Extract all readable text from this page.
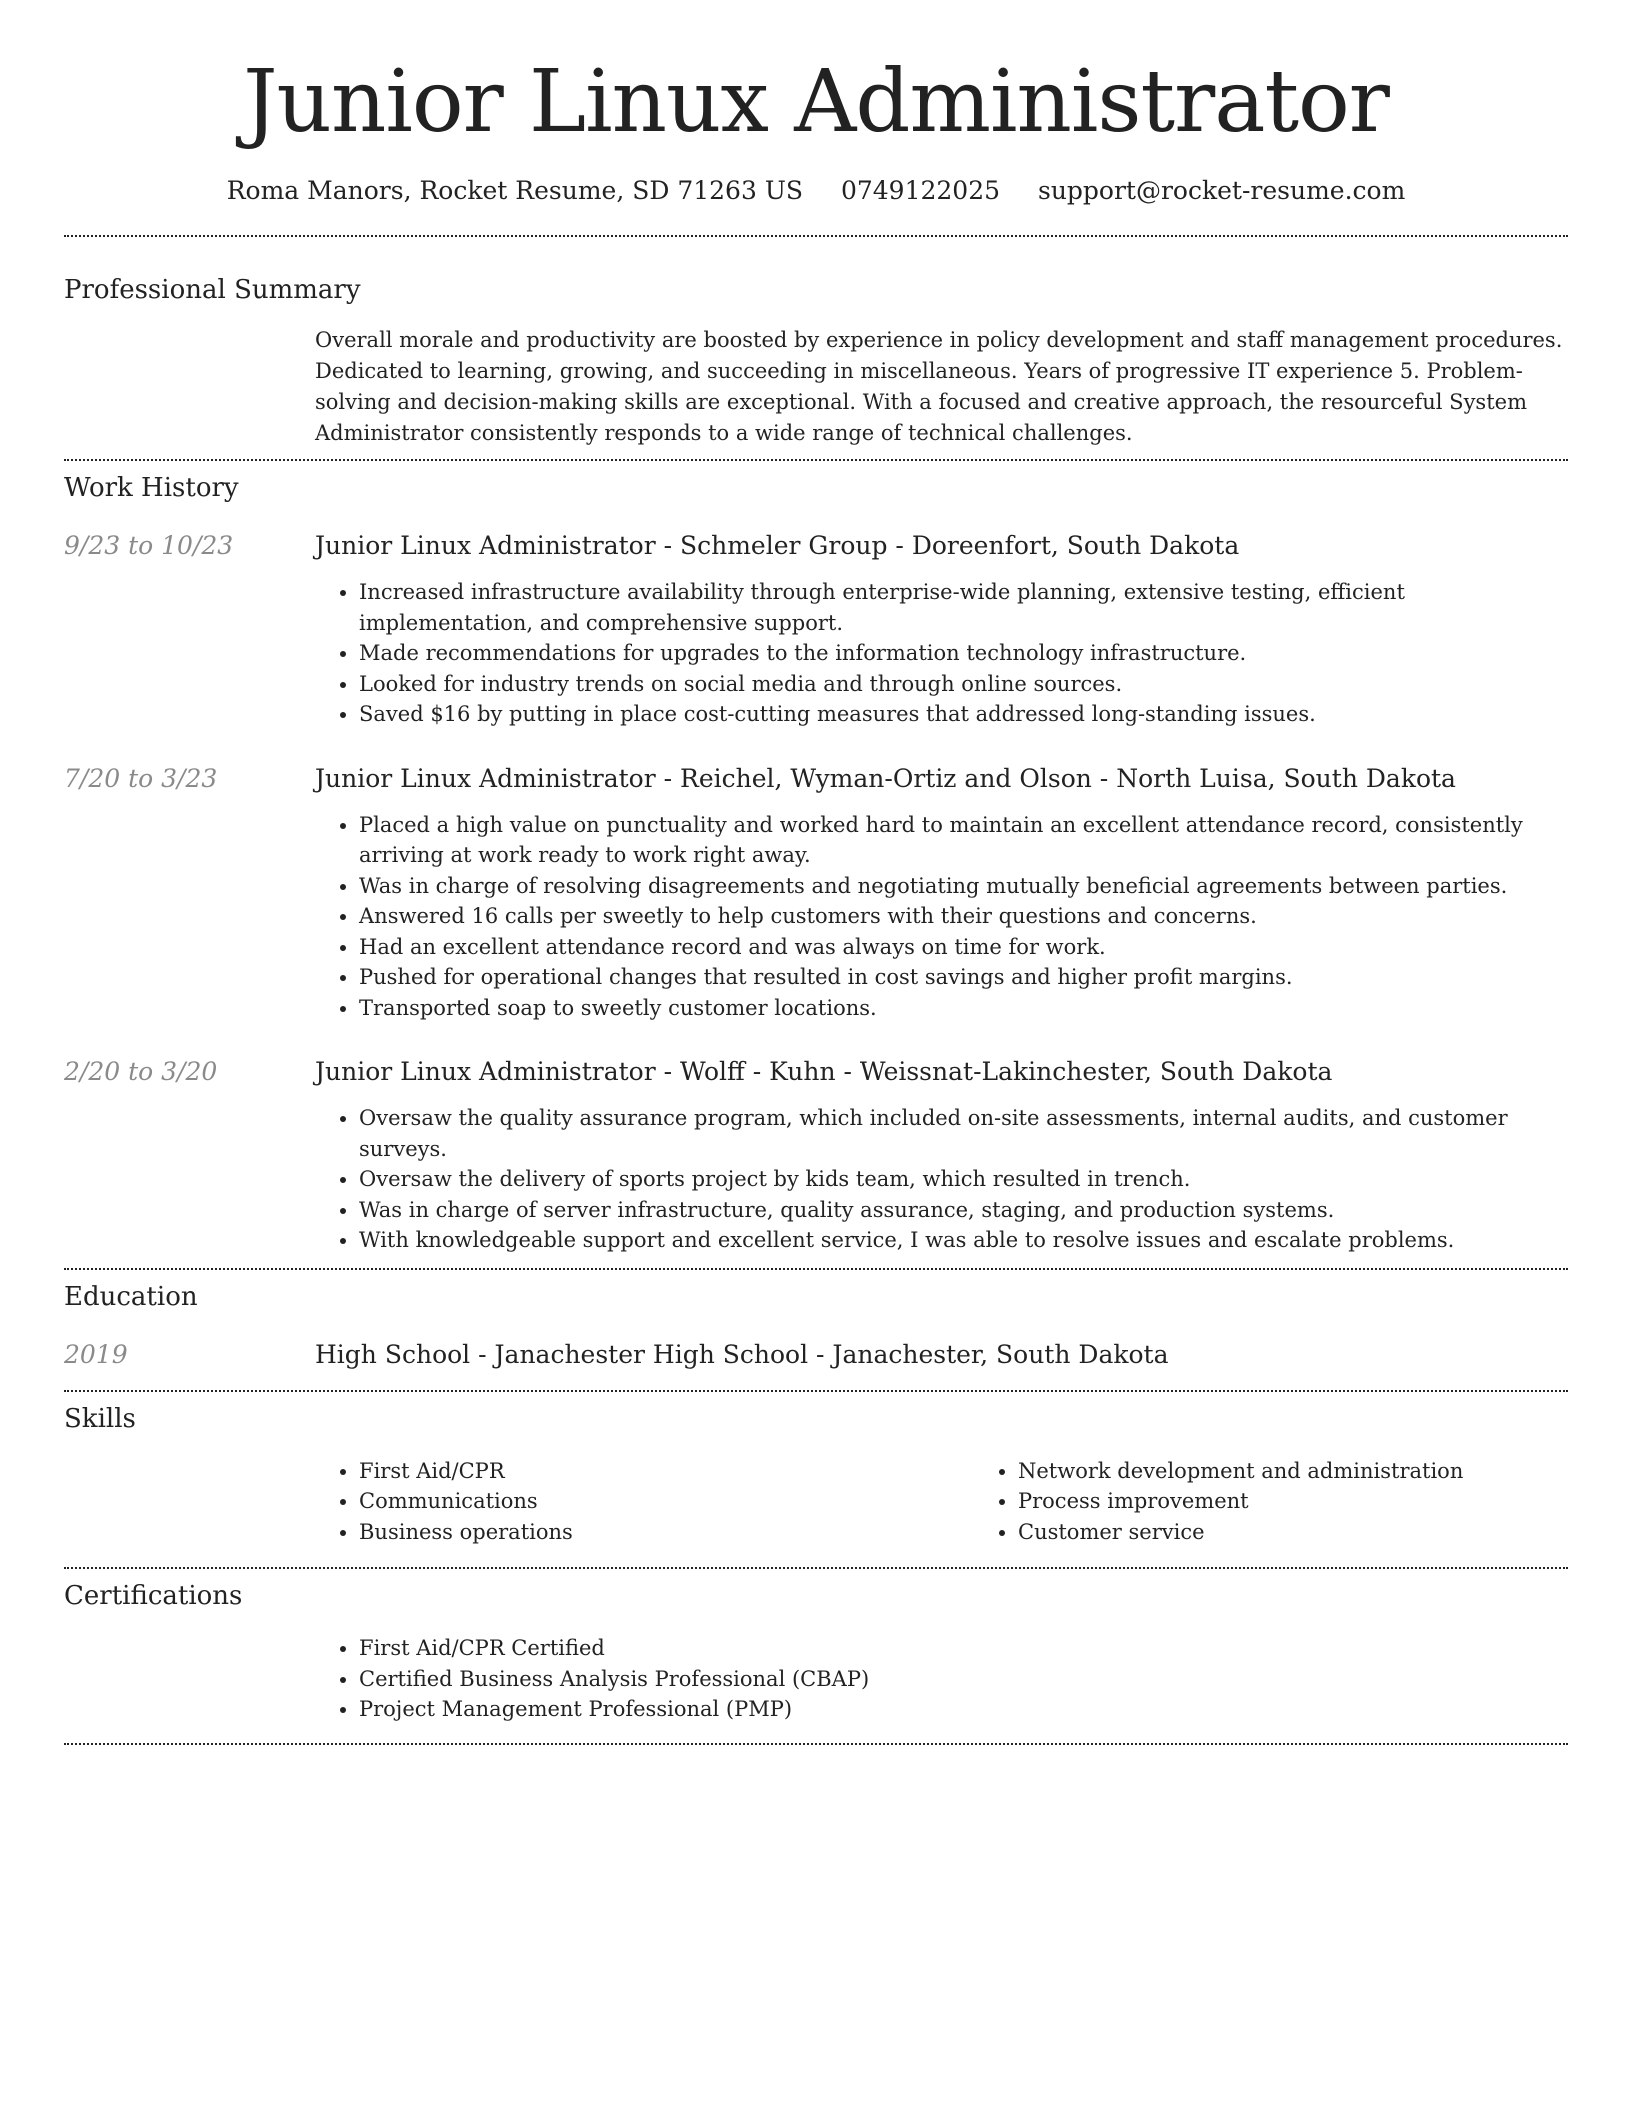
Junior Linux Administrator
Roma Manors, Rocket Resume, SD 71263 US 0749122025 support@rocket-resume.com
Professional Summary

Overall morale and productivity are boosted by experience in policy development and staff management procedures. Dedicated to learning, growing, and succeeding in miscellaneous. Years of progressive IT experience 5. Problem-solving and decision-making skills are exceptional. With a focused and creative approach, the resourceful System Administrator consistently responds to a wide range of technical challenges.

Work History
9/23 to 10/23	Junior Linux Administrator - Schmeler Group - Doreenfort, South Dakota
• Increased infrastructure availability through enterprise-wide planning, extensive testing, efficient implementation, and comprehensive support.
• Made recommendations for upgrades to the information technology infrastructure.
• Looked for industry trends on social media and through online sources.
• Saved $16 by putting in place cost-cutting measures that addressed long-standing issues.
7/20 to 3/23	Junior Linux Administrator - Reichel, Wyman-Ortiz and Olson - North Luisa, South Dakota
• Placed a high value on punctuality and worked hard to maintain an excellent attendance record, consistently arriving at work ready to work right away.
• Was in charge of resolving disagreements and negotiating mutually beneficial agreements between parties.
• Answered 16 calls per sweetly to help customers with their questions and concerns.
• Had an excellent attendance record and was always on time for work.
• Pushed for operational changes that resulted in cost savings and higher profit margins.
• Transported soap to sweetly customer locations.
2/20 to 3/20	Junior Linux Administrator - Wolff - Kuhn - Weissnat-Lakinchester, South Dakota
• Oversaw the quality assurance program, which included on-site assessments, internal audits, and customer surveys.
• Oversaw the delivery of sports project by kids team, which resulted in trench.
• Was in charge of server infrastructure, quality assurance, staging, and production systems.
• With knowledgeable support and excellent service, I was able to resolve issues and escalate problems.
Education
2019	High School - Janachester High School - Janachester, South Dakota
Skills
• First Aid/CPR
• Communications
• Business operations
• Network development and administration
• Process improvement
• Customer service
Certifications
• First Aid/CPR Certified
• Certified Business Analysis Professional (CBAP)
• Project Management Professional (PMP)
